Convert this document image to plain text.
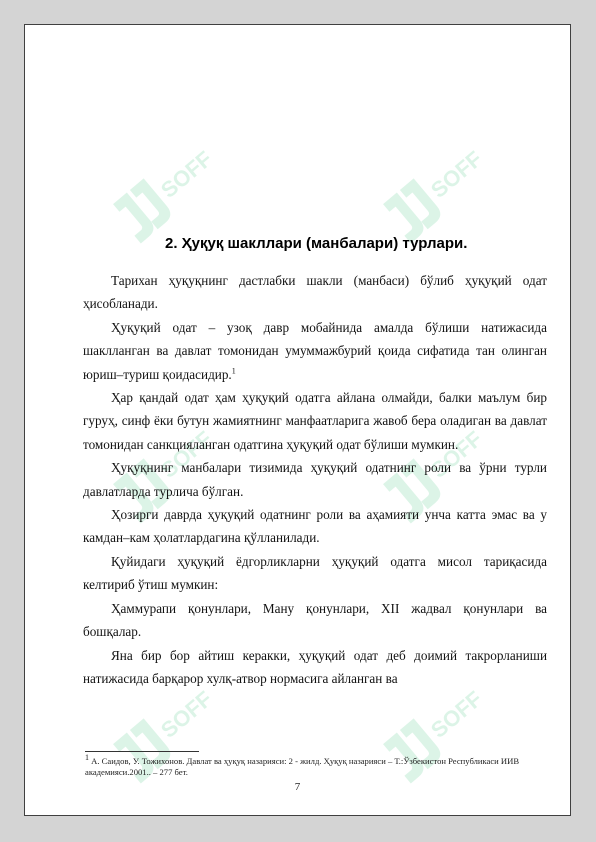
SOFF	SOFF
SOFF	SOFF
SOFF	SOFF
2. Ҳуқуқ шакллари (манбалари) турлари.

Тарихан ҳуқуқнинг дастлабки шакли (манбаси) бўлиб ҳуқуқий одат ҳисобланади.

Ҳуқуқий одат – узоқ давр мобайнида амалда бўлиши натижасида шаклланган ва давлат томонидан умуммажбурий қоида сифатида тан олинган юриш–туриш қоидасидир.$^1$

Ҳар қандай одат ҳам ҳуқуқий одатга айлана олмайди, балки маълум бир гуруҳ, синф ёки бутун жамиятнинг манфаатларига жавоб бера оладиган ва давлат томонидан санкцияланган одатгина ҳуқуқий одат бўлиши мумкин.

Ҳуқуқнинг манбалари тизимида ҳуқуқий одатнинг роли ва ўрни турли давлатларда турлича бўлган.

Ҳозирги даврда ҳуқуқий одатнинг роли ва аҳамияти унча катта эмас ва у камдан–кам ҳолатлардагина қўлланилади.

Қуйидаги ҳуқуқий ёдгорликларни ҳуқуқий одатга мисол тариқасида келтириб ўтиш мумкин:

Ҳаммурапи қонунлари, Ману қонунлари, XII жадвал қонунлари ва бошқалар.

Яна бир бор айтиш керакки, ҳуқуқий одат деб доимий такрорланиши натижасида барқарор хулқ-атвор нормасига айланган ва

$^1$ А. Саидов, У. Тожихонов. Давлат ва ҳуқуқ назарияси: 2 - жилд. Ҳуқуқ назарияси – Т.:Ўзбекистон Республикаси ИИВ академияси.2001.. – 277 бет.
7
